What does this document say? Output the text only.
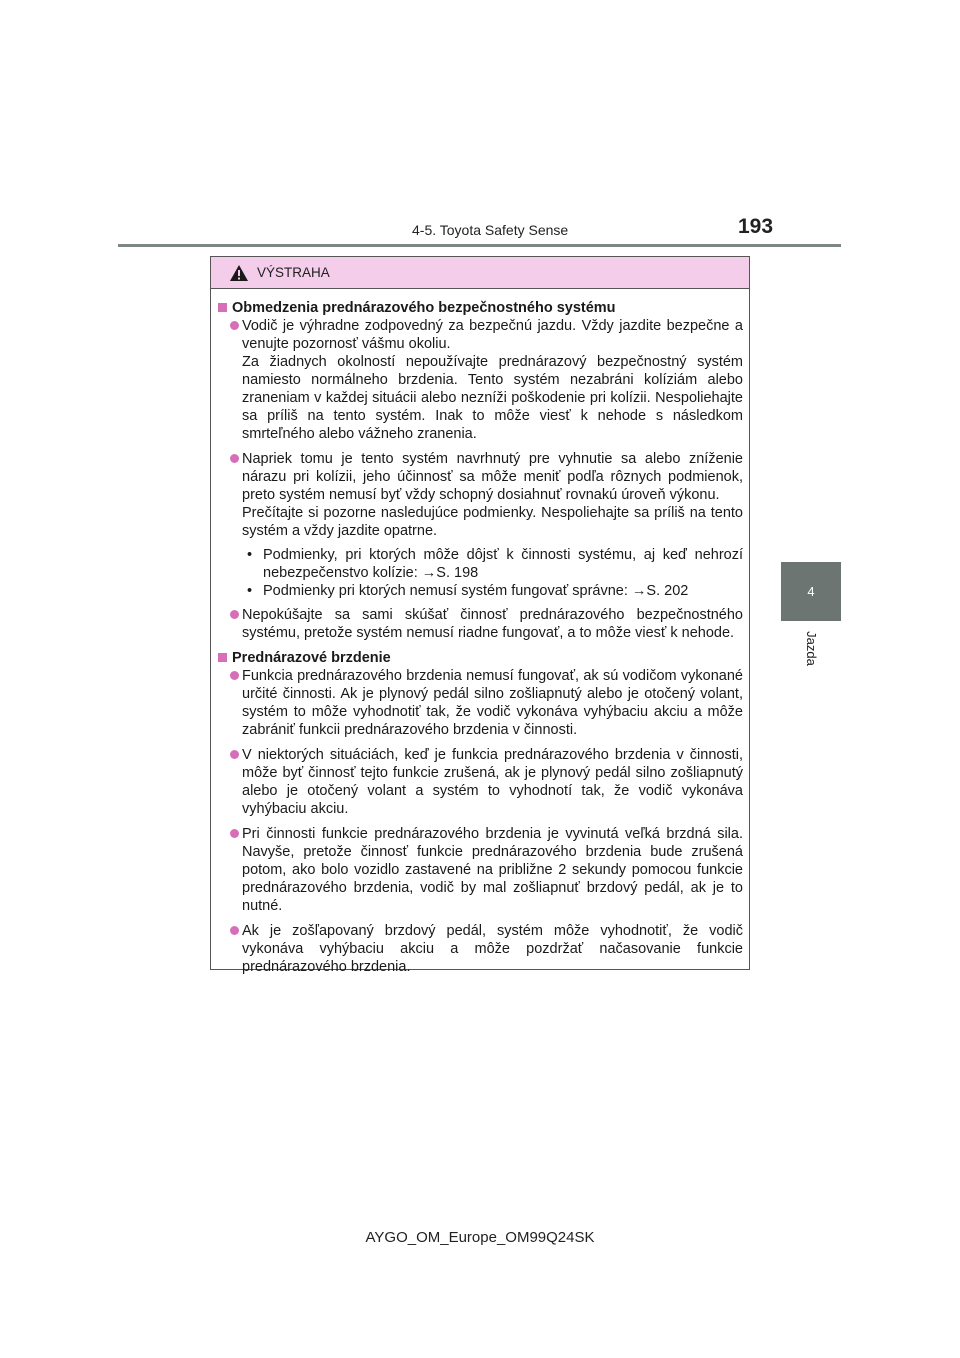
4-5. Toyota Safety Sense	193
4
Jazda
VÝSTRAHA
Obmedzenia prednárazového bezpečnostného systému
Vodič je výhradne zodpovedný za bezpečnú jazdu. Vždy jazdite bezpečne a venujte pozornosť vášmu okoliu.
Za žiadnych okolností nepoužívajte prednárazový bezpečnostný systém namiesto normálneho brzdenia. Tento systém nezabráni kolíziám alebo zraneniam v každej situácii alebo nezníži poškodenie pri kolízii. Nespoliehajte sa príliš na tento systém. Inak to môže viesť k nehode s následkom smrteľného alebo vážneho zranenia.
Napriek tomu je tento systém navrhnutý pre vyhnutie sa alebo zníženie nárazu pri kolízii, jeho účinnosť sa môže meniť podľa rôznych podmienok, preto systém nemusí byť vždy schopný dosiahnuť rovnakú úroveň výkonu.
Prečítajte si pozorne nasledujúce podmienky. Nespoliehajte sa príliš na tento systém a vždy jazdite opatrne.
• Podmienky, pri ktorých môže dôjsť k činnosti systému, aj keď nehrozí nebezpečenstvo kolízie: →S. 198
• Podmienky pri ktorých nemusí systém fungovať správne: →S. 202
Nepokúšajte sa sami skúšať činnosť prednárazového bezpečnostného systému, pretože systém nemusí riadne fungovať, a to môže viesť k nehode.
Prednárazové brzdenie
Funkcia prednárazového brzdenia nemusí fungovať, ak sú vodičom vykonané určité činnosti. Ak je plynový pedál silno zošliapnutý alebo je otočený volant, systém to môže vyhodnotiť tak, že vodič vykonáva vyhýbaciu akciu a môže zabrániť funkcii prednárazového brzdenia v činnosti.
V niektorých situáciách, keď je funkcia prednárazového brzdenia v činnosti, môže byť činnosť tejto funkcie zrušená, ak je plynový pedál silno zošliapnutý alebo je otočený volant a systém to vyhodnotí tak, že vodič vykonáva vyhýbaciu akciu.
Pri činnosti funkcie prednárazového brzdenia je vyvinutá veľká brzdná sila. Navyše, pretože činnosť funkcie prednárazového brzdenia bude zrušená potom, ako bolo vozidlo zastavené na približne 2 sekundy pomocou funkcie prednárazového brzdenia, vodič by mal zošliapnuť brzdový pedál, ak je to nutné.
Ak je zošľapovaný brzdový pedál, systém môže vyhodnotiť, že vodič vykonáva vyhýbaciu akciu a môže pozdržať načasovanie funkcie prednárazového brzdenia.
AYGO_OM_Europe_OM99Q24SK
